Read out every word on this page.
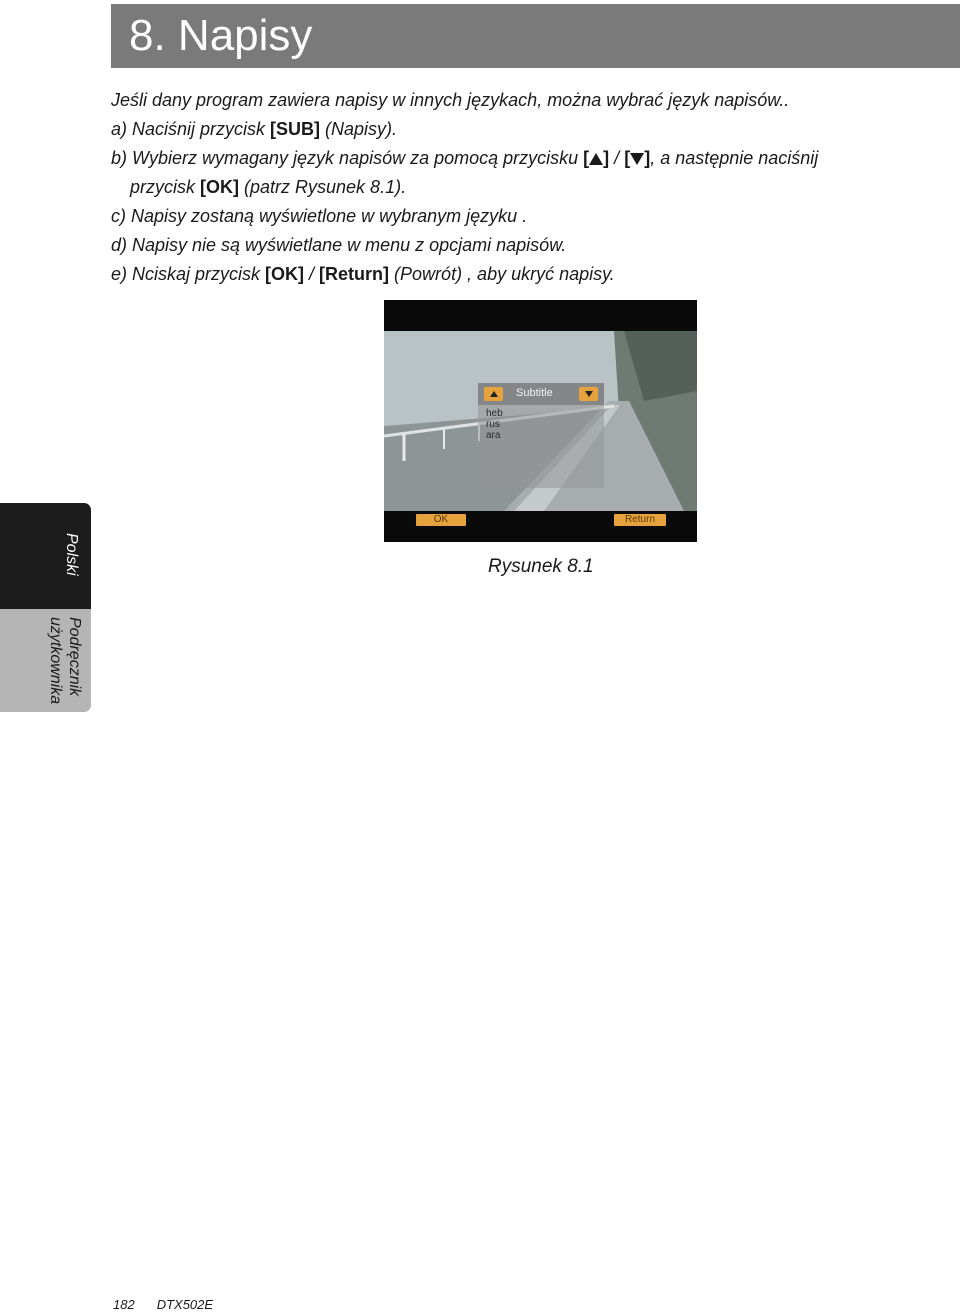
8. Napisy

Jeśli dany program zawiera napisy w innych językach, można wybrać język napisów..

a) Naciśnij przycisk [SUB] (Napisy).

b) Wybierz wymagany język napisów za pomocą przycisku [ ] / [ ], a następnie naciśnij

przycisk [OK] (patrz Rysunek 8.1).

c) Napisy zostaną wyświetlone w wybranym języku .

d) Napisy nie są wyświetlane w menu z opcjami napisów.

e) Nciskaj przycisk [OK] / [Return] (Powrót) , aby ukryć napisy.

Subtitle
heb
rus
ara
OK	Return
Rysunek 8.1
Polski
Podręcznik użytkownika
182 DTX502E
